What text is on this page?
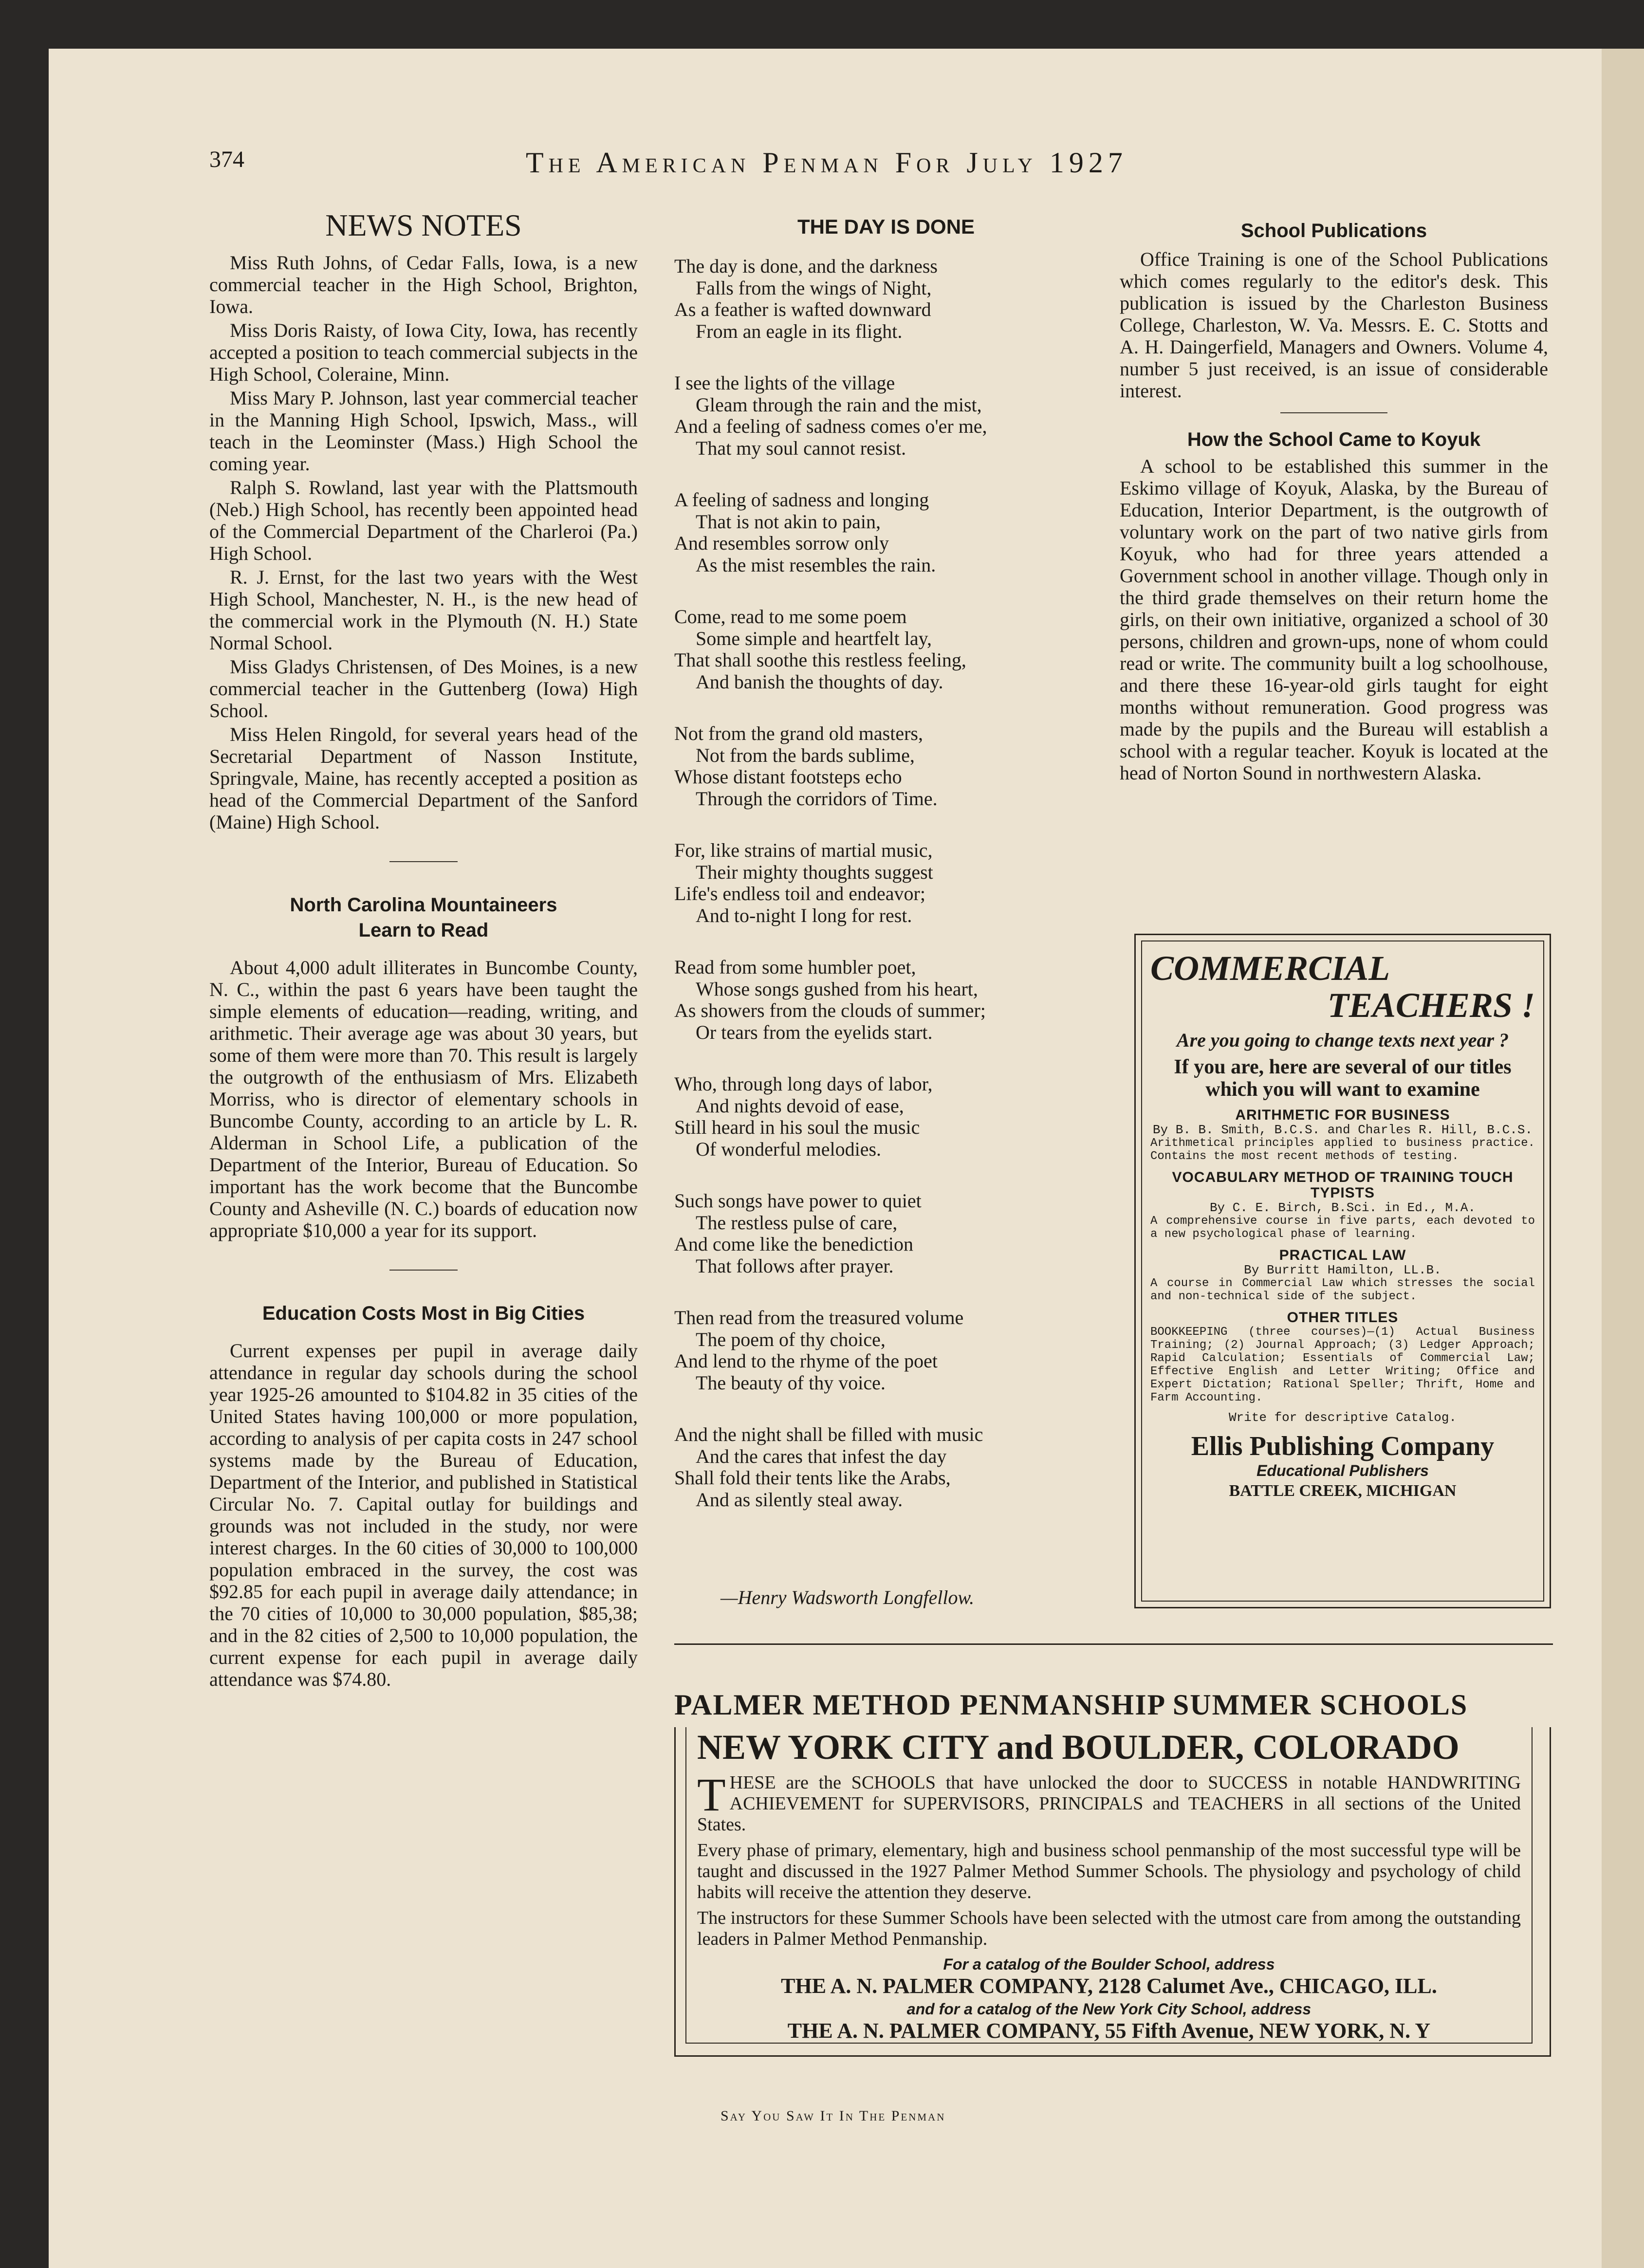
374	The American Penman For July 1927
NEWS NOTES

Miss Ruth Johns, of Cedar Falls, Iowa, is a new commercial teacher in the High School, Brighton, Iowa.

Miss Doris Raisty, of Iowa City, Iowa, has recently accepted a position to teach commercial subjects in the High School, Coleraine, Minn.

Miss Mary P. Johnson, last year commercial teacher in the Manning High School, Ipswich, Mass., will teach in the Leominster (Mass.) High School the coming year.

Ralph S. Rowland, last year with the Plattsmouth (Neb.) High School, has recently been appointed head of the Commercial Department of the Charleroi (Pa.) High School.

R. J. Ernst, for the last two years with the West High School, Manchester, N. H., is the new head of the commercial work in the Plymouth (N. H.) State Normal School.

Miss Gladys Christensen, of Des Moines, is a new commercial teacher in the Guttenberg (Iowa) High School.

Miss Helen Ringold, for several years head of the Secretarial Department of Nasson Institute, Springvale, Maine, has recently accepted a position as head of the Commercial Department of the Sanford (Maine) High School.

North Carolina Mountaineers Learn to Read

About 4,000 adult illiterates in Buncombe County, N. C., within the past 6 years have been taught the simple elements of education—reading, writing, and arithmetic. Their average age was about 30 years, but some of them were more than 70. This result is largely the outgrowth of the enthusiasm of Mrs. Elizabeth Morriss, who is director of elementary schools in Buncombe County, according to an article by L. R. Alderman in School Life, a publication of the Department of the Interior, Bureau of Education. So important has the work become that the Buncombe County and Asheville (N. C.) boards of education now appropriate $10,000 a year for its support.

Education Costs Most in Big Cities

Current expenses per pupil in average daily attendance in regular day schools during the school year 1925-26 amounted to $104.82 in 35 cities of the United States having 100,000 or more population, according to analysis of per capita costs in 247 school systems made by the Bureau of Education, Department of the Interior, and published in Statistical Circular No. 7. Capital outlay for buildings and grounds was not included in the study, nor were interest charges. In the 60 cities of 30,000 to 100,000 population embraced in the survey, the cost was $92.85 for each pupil in average daily attendance; in the 70 cities of 10,000 to 30,000 population, $85,38; and in the 82 cities of 2,500 to 10,000 population, the current expense for each pupil in average daily attendance was $74.80.

THE DAY IS DONE
The day is done, and the darkness
Falls from the wings of Night,
As a feather is wafted downward
From an eagle in its flight.
I see the lights of the village
Gleam through the rain and the mist,
And a feeling of sadness comes o'er me,
That my soul cannot resist.
A feeling of sadness and longing
That is not akin to pain,
And resembles sorrow only
As the mist resembles the rain.
Come, read to me some poem
Some simple and heartfelt lay,
That shall soothe this restless feeling,
And banish the thoughts of day.
Not from the grand old masters,
Not from the bards sublime,
Whose distant footsteps echo
Through the corridors of Time.
For, like strains of martial music,
Their mighty thoughts suggest
Life's endless toil and endeavor;
And to-night I long for rest.
Read from some humbler poet,
Whose songs gushed from his heart,
As showers from the clouds of summer;
Or tears from the eyelids start.
Who, through long days of labor,
And nights devoid of ease,
Still heard in his soul the music
Of wonderful melodies.
Such songs have power to quiet
The restless pulse of care,
And come like the benediction
That follows after prayer.
Then read from the treasured volume
The poem of thy choice,
And lend to the rhyme of the poet
The beauty of thy voice.
And the night shall be filled with music
And the cares that infest the day
Shall fold their tents like the Arabs,
And as silently steal away.
—Henry Wadsworth Longfellow.
School Publications

Office Training is one of the School Publications which comes regularly to the editor's desk. This publication is issued by the Charleston Business College, Charleston, W. Va. Messrs. E. C. Stotts and A. H. Daingerfield, Managers and Owners. Volume 4, number 5 just received, is an issue of considerable interest.

How the School Came to Koyuk

A school to be established this summer in the Eskimo village of Koyuk, Alaska, by the Bureau of Education, Interior Department, is the outgrowth of voluntary work on the part of two native girls from Koyuk, who had for three years attended a Government school in another village. Though only in the third grade themselves on their return home the girls, on their own initiative, organized a school of 30 persons, children and grown-ups, none of whom could read or write. The community built a log schoolhouse, and there these 16-year-old girls taught for eight months without remuneration. Good progress was made by the pupils and the Bureau will establish a school with a regular teacher. Koyuk is located at the head of Norton Sound in northwestern Alaska.

COMMERCIAL
TEACHERS !
Are you going to change texts next year ?
If you are, here are several of our titles which you will want to examine
ARITHMETIC FOR BUSINESS
By B. B. Smith, B.C.S. and Charles R. Hill, B.C.S.
Arithmetical principles applied to business practice. Contains the most recent methods of testing.
VOCABULARY METHOD OF TRAINING TOUCH TYPISTS
By C. E. Birch, B.Sci. in Ed., M.A.
A comprehensive course in five parts, each devoted to a new psychological phase of learning.
PRACTICAL LAW
By Burritt Hamilton, LL.B.
A course in Commercial Law which stresses the social and non-technical side of the subject.
OTHER TITLES
BOOKKEEPING (three courses)—(1) Actual Business Training; (2) Journal Approach; (3) Ledger Approach; Rapid Calculation; Essentials of Commercial Law; Effective English and Letter Writing; Office and Expert Dictation; Rational Speller; Thrift, Home and Farm Accounting.
Write for descriptive Catalog.
Ellis Publishing Company
Educational Publishers
BATTLE CREEK, MICHIGAN
PALMER METHOD PENMANSHIP SUMMER SCHOOLS
NEW YORK CITY and BOULDER, COLORADO
THESE are the SCHOOLS that have unlocked the door to SUCCESS in notable HANDWRITING ACHIEVEMENT for SUPERVISORS, PRINCIPALS and TEACHERS in all sections of the United States.
Every phase of primary, elementary, high and business school penmanship of the most successful type will be taught and discussed in the 1927 Palmer Method Summer Schools. The physiology and psychology of child habits will receive the attention they deserve.
The instructors for these Summer Schools have been selected with the utmost care from among the outstanding leaders in Palmer Method Penmanship.
For a catalog of the Boulder School, address
THE A. N. PALMER COMPANY, 2128 Calumet Ave., CHICAGO, ILL.
and for a catalog of the New York City School, address
THE A. N. PALMER COMPANY, 55 Fifth Avenue, NEW YORK, N. Y
Say You Saw It In The Penman
